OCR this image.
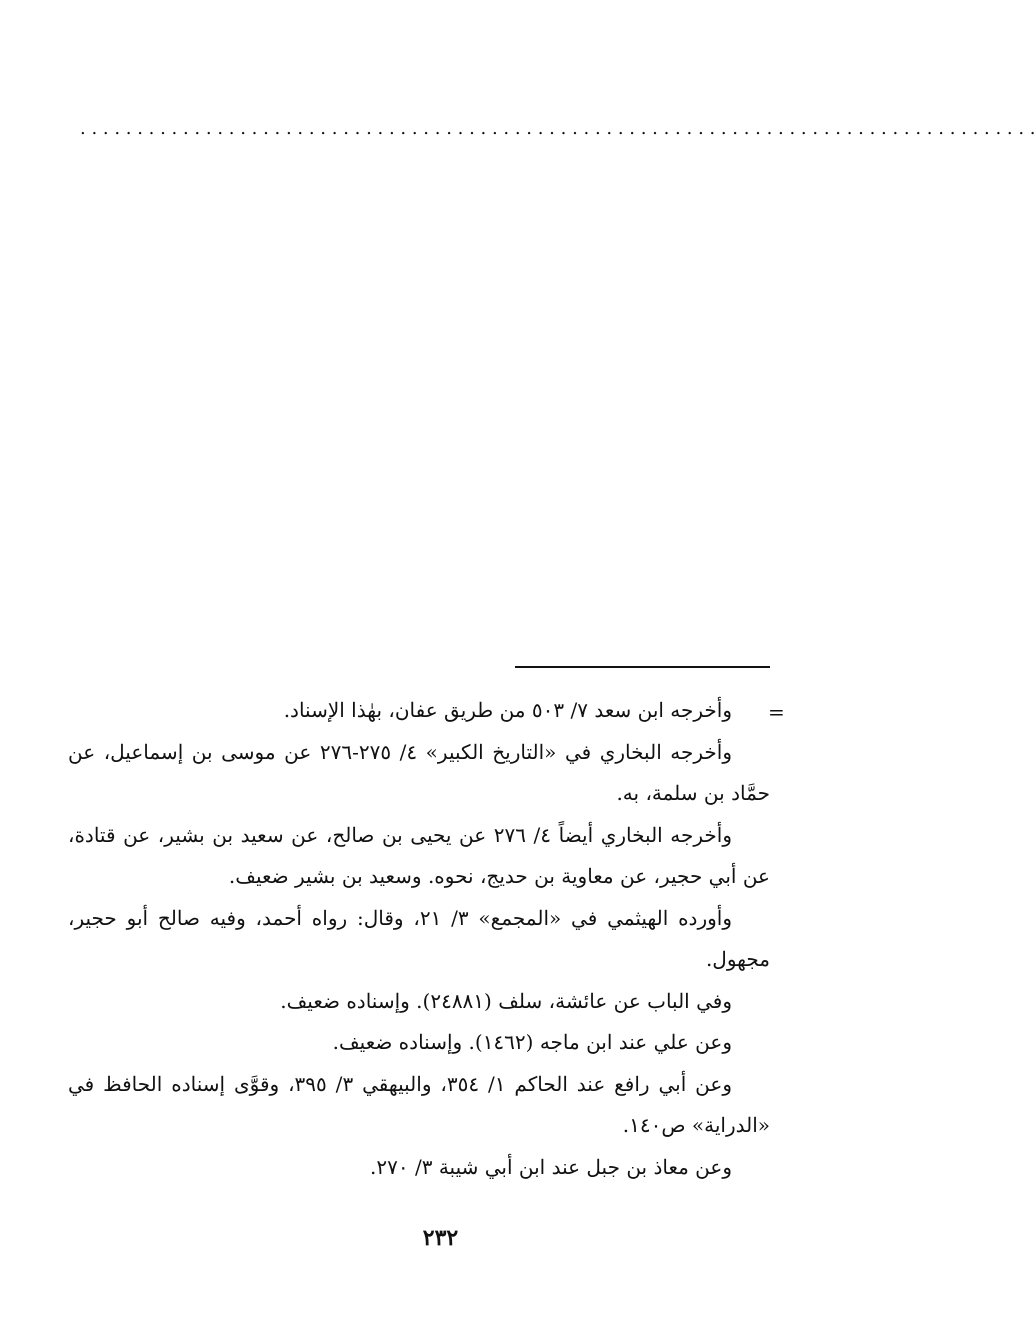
. . . . . . . . . . . . . . . . . . . . . . . . . . . . . . . . . . . . . . . . . . . . . . . . . . . . . . . . . . . . . . . . . . . . . . . . . . . . . . . . . . . .
=

وأخرجه ابن سعد ٧/ ٥٠٣ من طريق عفان، بهٰذا الإسناد.

وأخرجه البخاري في «التاريخ الكبير» ٤/ ٢٧٥-٢٧٦ عن موسى بن إسماعيل، عن حمَّاد بن سلمة، به.

وأخرجه البخاري أيضاً ٤/ ٢٧٦ عن يحيى بن صالح، عن سعيد بن بشير، عن قتادة، عن أبي حجير، عن معاوية بن حديج، نحوه. وسعيد بن بشير ضعيف.

وأورده الهيثمي في «المجمع» ٣/ ٢١، وقال: رواه أحمد، وفيه صالح أبو حجير، مجهول.

وفي الباب عن عائشة، سلف (٢٤٨٨١). وإسناده ضعيف.

وعن علي عند ابن ماجه (١٤٦٢). وإسناده ضعيف.

وعن أبي رافع عند الحاكم ١/ ٣٥٤، والبيهقي ٣/ ٣٩٥، وقوَّى إسناده الحافظ في «الدراية» ص١٤٠.

وعن معاذ بن جبل عند ابن أبي شيبة ٣/ ٢٧٠.

٢٣٢
